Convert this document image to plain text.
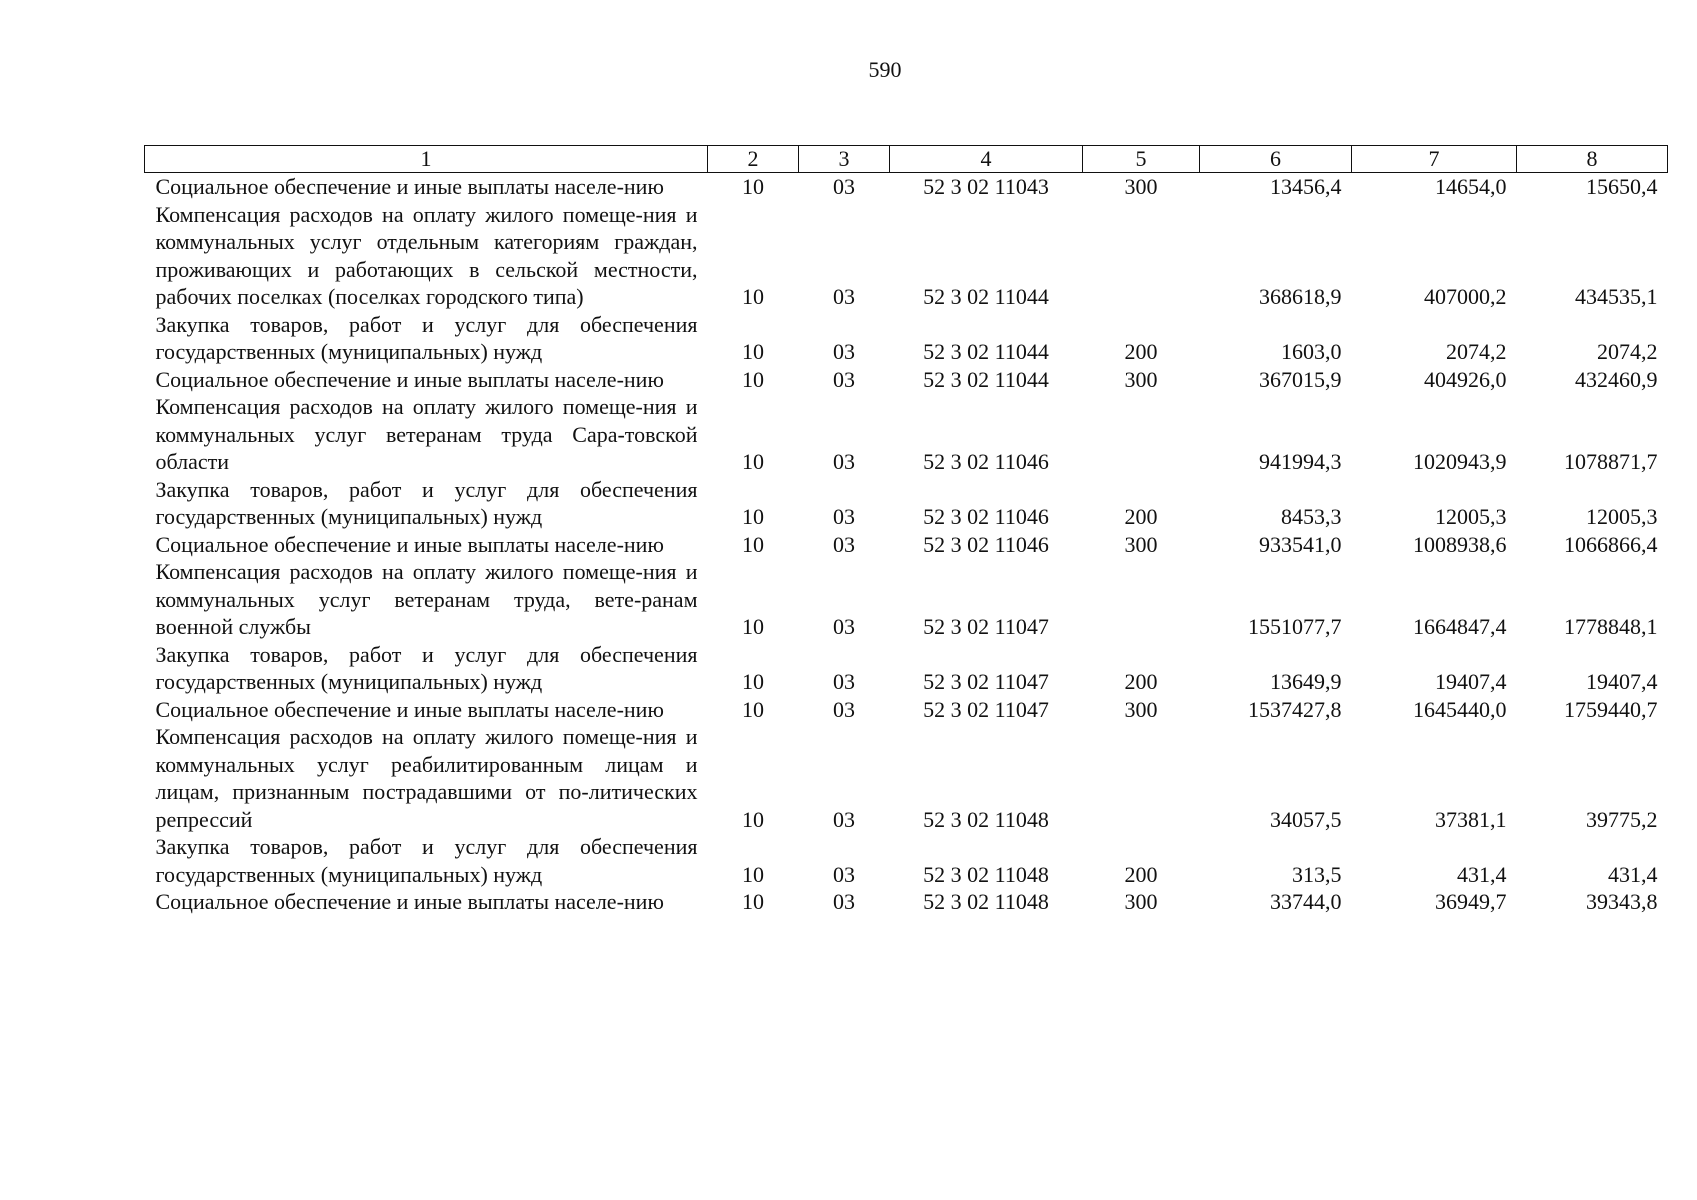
590
1	2	3	4	5	6	7	8
Социальное обеспечение и иные выплаты населе-нию	10	03	52 3 02 11043	300	13456,4	14654,0	15650,4
Компенсация расходов на оплату жилого помеще-ния и коммунальных услуг отдельным категориям граждан, проживающих и работающих в сельской местности, рабочих поселках (поселках городского типа)	10	03	52 3 02 11044		368618,9	407000,2	434535,1
Закупка товаров, работ и услуг для обеспечения государственных (муниципальных) нужд	10	03	52 3 02 11044	200	1603,0	2074,2	2074,2
Социальное обеспечение и иные выплаты населе-нию	10	03	52 3 02 11044	300	367015,9	404926,0	432460,9
Компенсация расходов на оплату жилого помеще-ния и коммунальных услуг ветеранам труда Сара-товской области	10	03	52 3 02 11046		941994,3	1020943,9	1078871,7
Закупка товаров, работ и услуг для обеспечения государственных (муниципальных) нужд	10	03	52 3 02 11046	200	8453,3	12005,3	12005,3
Социальное обеспечение и иные выплаты населе-нию	10	03	52 3 02 11046	300	933541,0	1008938,6	1066866,4
Компенсация расходов на оплату жилого помеще-ния и коммунальных услуг ветеранам труда, вете-ранам военной службы	10	03	52 3 02 11047		1551077,7	1664847,4	1778848,1
Закупка товаров, работ и услуг для обеспечения государственных (муниципальных) нужд	10	03	52 3 02 11047	200	13649,9	19407,4	19407,4
Социальное обеспечение и иные выплаты населе-нию	10	03	52 3 02 11047	300	1537427,8	1645440,0	1759440,7
Компенсация расходов на оплату жилого помеще-ния и коммунальных услуг реабилитированным лицам и лицам, признанным пострадавшими от по-литических репрессий	10	03	52 3 02 11048		34057,5	37381,1	39775,2
Закупка товаров, работ и услуг для обеспечения государственных (муниципальных) нужд	10	03	52 3 02 11048	200	313,5	431,4	431,4
Социальное обеспечение и иные выплаты населе-нию	10	03	52 3 02 11048	300	33744,0	36949,7	39343,8
